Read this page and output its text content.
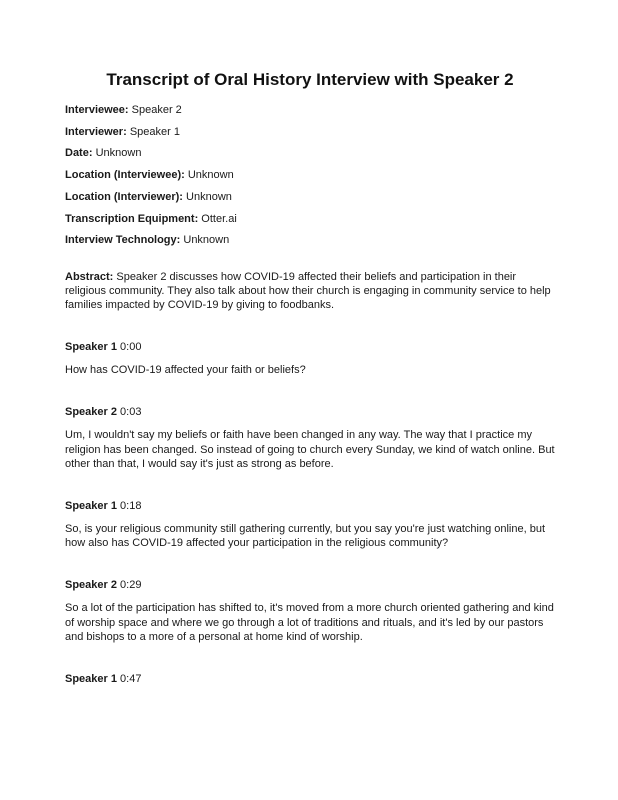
Transcript of Oral History Interview with Speaker 2

Interviewee: Speaker 2

Interviewer: Speaker 1

Date: Unknown

Location (Interviewee): Unknown

Location (Interviewer): Unknown

Transcription Equipment: Otter.ai

Interview Technology: Unknown

Abstract: Speaker 2 discusses how COVID-19 affected their beliefs and participation in their religious community. They also talk about how their church is engaging in community service to help families impacted by COVID-19 by giving to foodbanks.

Speaker 1 0:00

How has COVID-19 affected your faith or beliefs?

Speaker 2 0:03

Um, I wouldn't say my beliefs or faith have been changed in any way. The way that I practice my religion has been changed. So instead of going to church every Sunday, we kind of watch online. But other than that, I would say it's just as strong as before.

Speaker 1 0:18

So, is your religious community still gathering currently, but you say you're just watching online, but how also has COVID-19 affected your participation in the religious community?

Speaker 2 0:29

So a lot of the participation has shifted to, it's moved from a more church oriented gathering and kind of worship space and where we go through a lot of traditions and rituals, and it's led by our pastors and bishops to a more of a personal at home kind of worship.

Speaker 1 0:47
